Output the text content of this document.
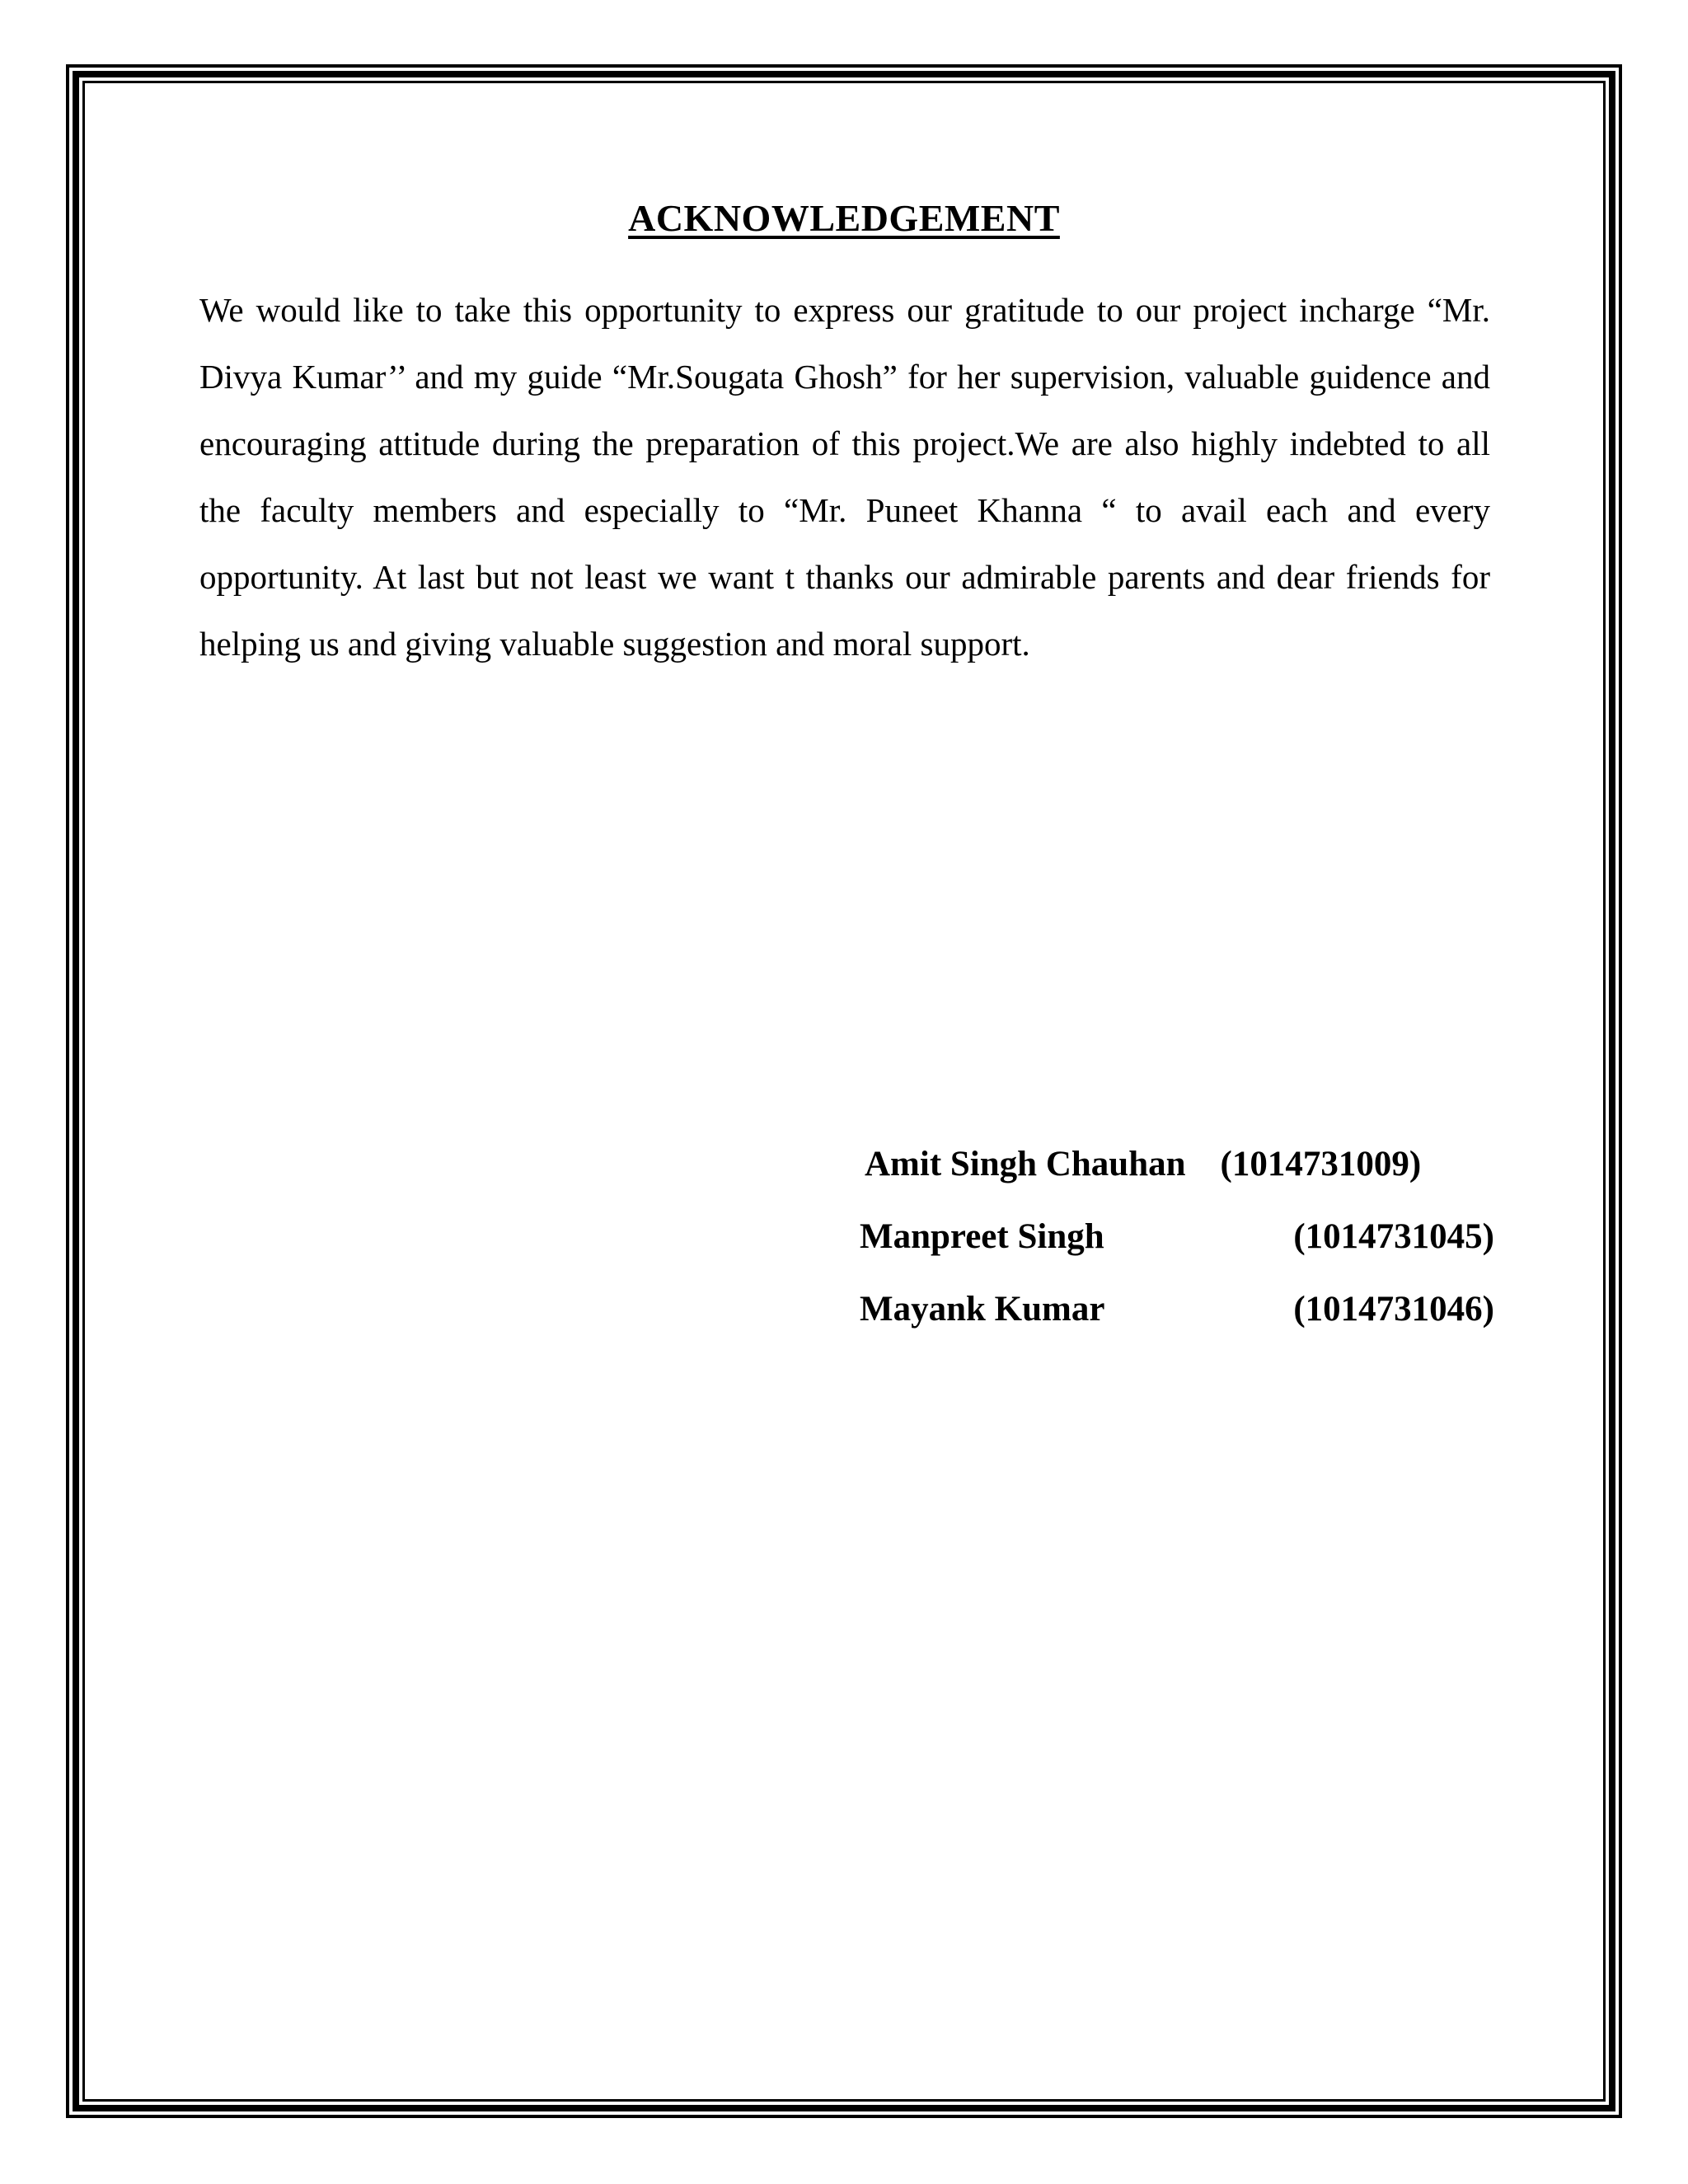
ACKNOWLEDGEMENT

We would like to take this opportunity to express our gratitude to our project incharge “Mr. Divya Kumar’’ and my guide “Mr.Sougata Ghosh” for her supervision, valuable guidence and encouraging attitude during the preparation of this project.We are also highly indebted to all the faculty members and especially to “Mr. Puneet Khanna “ to avail each and every opportunity. At last but not least we want t thanks our admirable parents and dear friends for helping us and giving valuable suggestion and moral support.

Amit Singh Chauhan (1014731009)
Manpreet Singh	(1014731045)
Mayank Kumar	(1014731046)
